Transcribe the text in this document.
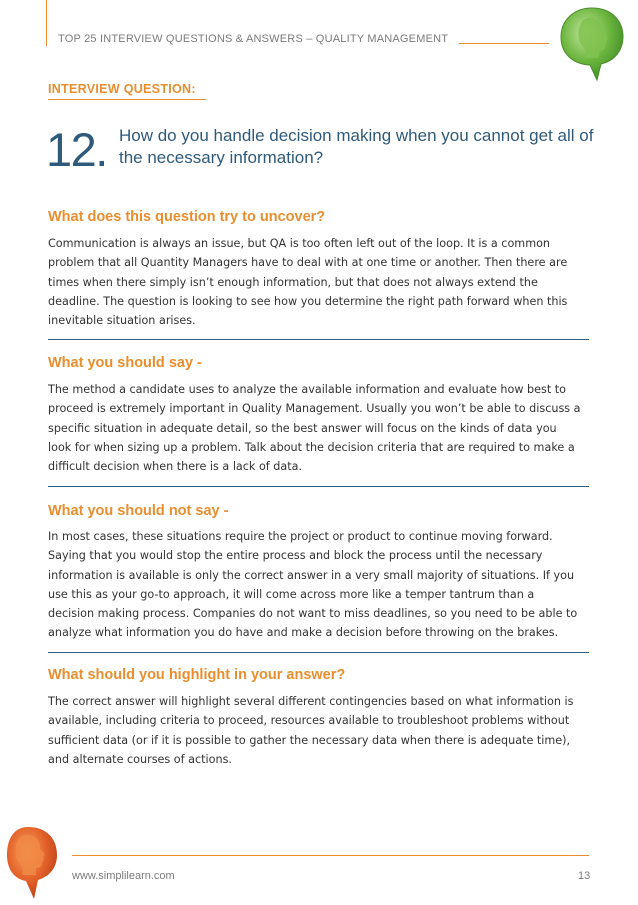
TOP 25 INTERVIEW QUESTIONS & ANSWERS – QUALITY MANAGEMENT
INTERVIEW QUESTION:
12. How do you handle decision making when you cannot get all of the necessary information?
What does this question try to uncover?

Communication is always an issue, but QA is too often left out of the loop. It is a common

problem that all Quantity Managers have to deal with at one time or another. Then there are

times when there simply isn’t enough information, but that does not always extend the

deadline. The question is looking to see how you determine the right path forward when this

inevitable situation arises.

What you should say -

The method a candidate uses to analyze the available information and evaluate how best to

proceed is extremely important in Quality Management. Usually you won’t be able to discuss a

specific situation in adequate detail, so the best answer will focus on the kinds of data you

look for when sizing up a problem. Talk about the decision criteria that are required to make a

difficult decision when there is a lack of data.

What you should not say -

In most cases, these situations require the project or product to continue moving forward.

Saying that you would stop the entire process and block the process until the necessary

information is available is only the correct answer in a very small majority of situations. If you

use this as your go-to approach, it will come across more like a temper tantrum than a

decision making process. Companies do not want to miss deadlines, so you need to be able to

analyze what information you do have and make a decision before throwing on the brakes.

What should you highlight in your answer?

The correct answer will highlight several different contingencies based on what information is

available, including criteria to proceed, resources available to troubleshoot problems without

sufficient data (or if it is possible to gather the necessary data when there is adequate time),

and alternate courses of actions.

www.simplilearn.com	13
